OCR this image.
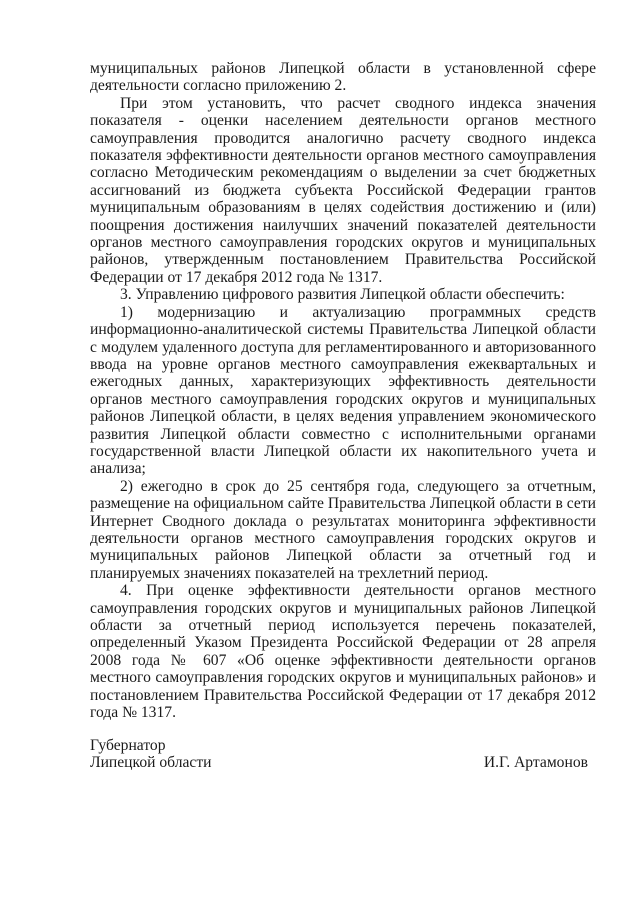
муниципальных районов Липецкой области в установленной сфере деятельности согласно приложению 2.

При этом установить, что расчет сводного индекса значения показателя - оценки населением деятельности органов местного самоуправления проводится аналогично расчету сводного индекса показателя эффективности деятельности органов местного самоуправления согласно Методическим рекомендациям о выделении за счет бюджетных ассигнований из бюджета субъекта Российской Федерации грантов муниципальным образованиям в целях содействия достижению и (или) поощрения достижения наилучших значений показателей деятельности органов местного самоуправления городских округов и муниципальных районов, утвержденным постановлением Правительства Российской Федерации от 17 декабря 2012 года № 1317.

3. Управлению цифрового развития Липецкой области обеспечить:

1) модернизацию и актуализацию программных средств информационно-аналитической системы Правительства Липецкой области с модулем удаленного доступа для регламентированного и авторизованного ввода на уровне органов местного самоуправления ежеквартальных и ежегодных данных, характеризующих эффективность деятельности органов местного самоуправления городских округов и муниципальных районов Липецкой области, в целях ведения управлением экономического развития Липецкой области совместно с исполнительными органами государственной власти Липецкой области их накопительного учета и анализа;

2) ежегодно в срок до 25 сентября года, следующего за отчетным, размещение на официальном сайте Правительства Липецкой области в сети Интернет Сводного доклада о результатах мониторинга эффективности деятельности органов местного самоуправления городских округов и муниципальных районов Липецкой области за отчетный год и планируемых значениях показателей на трехлетний период.

4. При оценке эффективности деятельности органов местного самоуправления городских округов и муниципальных районов Липецкой области за отчетный период используется перечень показателей, определенный Указом Президента Российской Федерации от 28 апреля 2008 года № 607 «Об оценке эффективности деятельности органов местного самоуправления городских округов и муниципальных районов» и постановлением Правительства Российской Федерации от 17 декабря 2012 года № 1317.

Губернатор
Липецкой области	И.Г. Артамонов
